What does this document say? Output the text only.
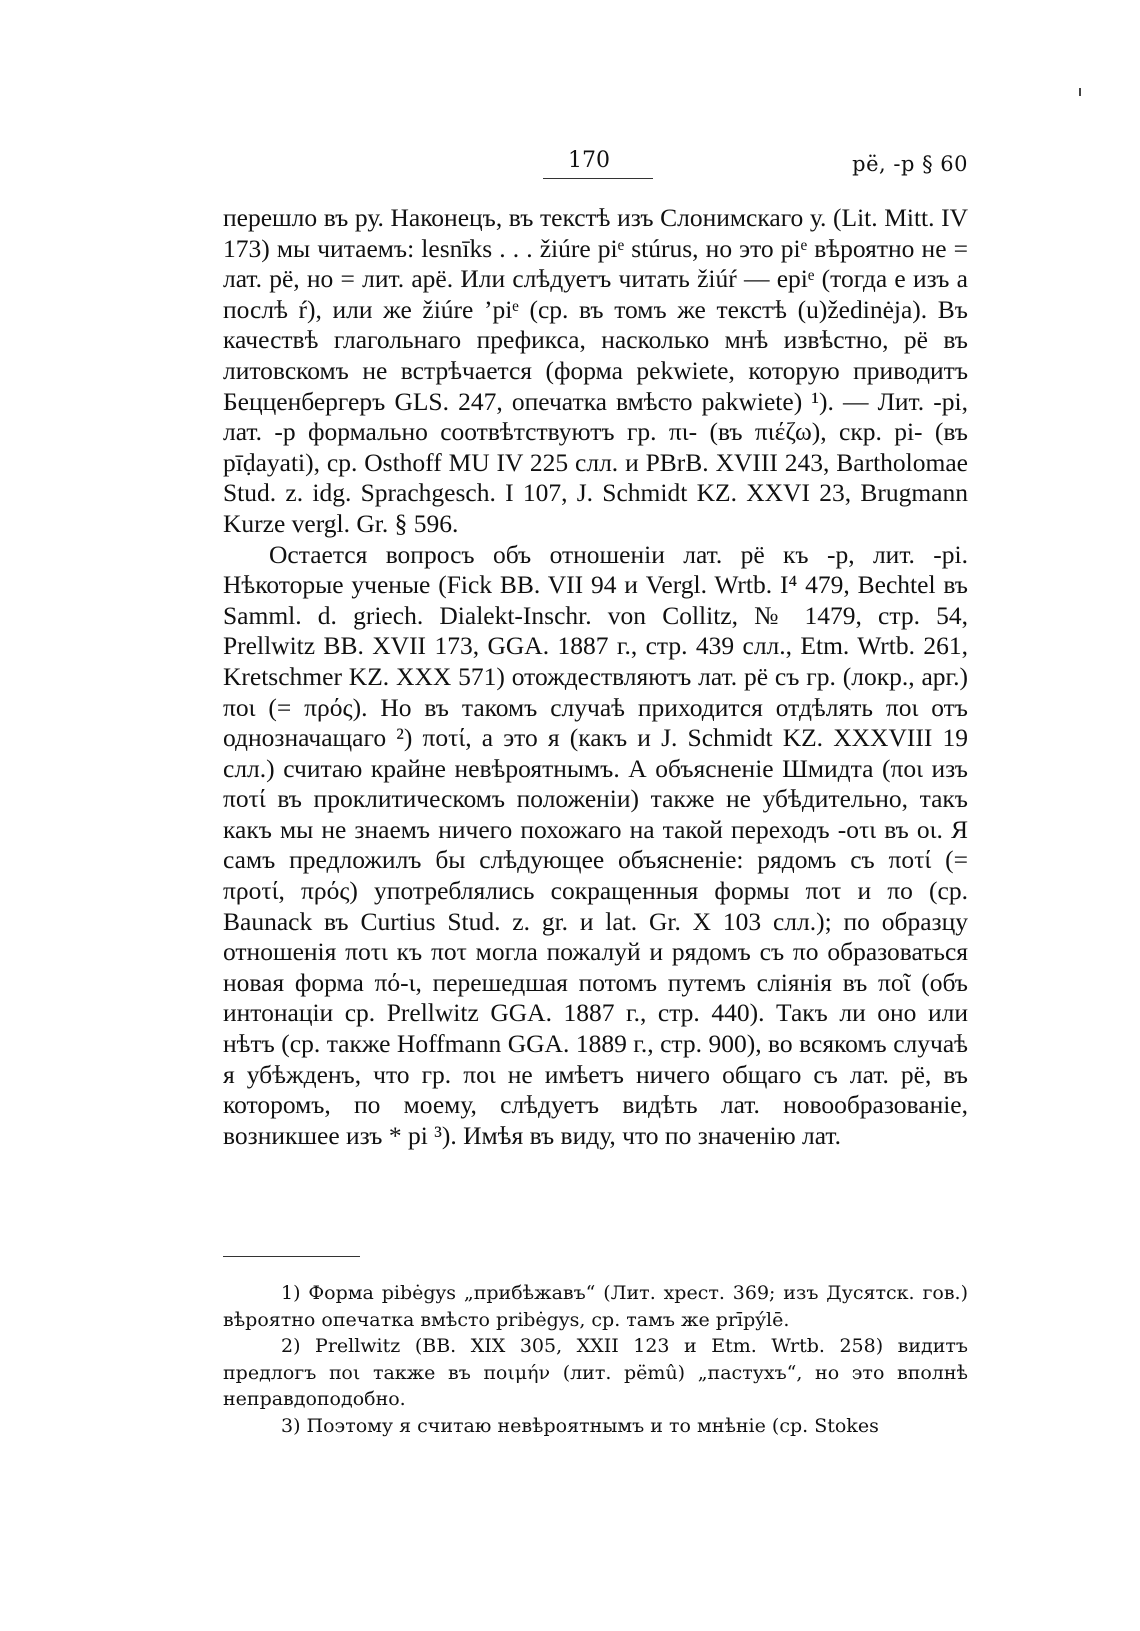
170	pё, -p § 60

перешло въ ру. Наконецъ, въ текстѣ изъ Слонимскаго у. (Lit. Mitt. IV 173) мы читаемъ: lesnīks . . . žiúre piᵉ stúrus, но это piᵉ вѣроятно не = лат. pё, но = лит. apё. Или слѣдуетъ читать žiúŕ — epiᵉ (тогда e изъ a послѣ ŕ), или же žiúre ’piᵉ (ср. въ томъ же текстѣ (u)žedinėja). Въ качествѣ глагольнаго префикса, насколько мнѣ извѣстно, pё въ литовскомъ не встрѣчается (форма pekwiete, которую приводитъ Бецценбергеръ GLS. 247, опечатка вмѣсто pakwiete) ¹). — Лит. -pi, лат. -p формально соотвѣтствуютъ гр. πι- (въ πιέζω), скр. pi- (въ pīḍayati), ср. Osthoff MU IV 225 слл. и PBrB. XVIII 243, Bartholomae Stud. z. idg. Sprachgesch. I 107, J. Schmidt KZ. XXVI 23, Brugmann Kurze vergl. Gr. § 596.

Остается вопросъ объ отношеніи лат. pё къ -p, лит. -pi. Нѣкоторые ученые (Fick BB. VII 94 и Vergl. Wrtb. I⁴ 479, Bechtel въ Samml. d. griech. Dialekt-Inschr. von Collitz, № 1479, стр. 54, Prellwitz BB. XVII 173, GGA. 1887 г., стр. 439 слл., Etm. Wrtb. 261, Kretschmer KZ. XXX 571) отождествляютъ лат. pё съ гр. (локр., арг.) ποι (= πρός). Но въ такомъ случаѣ приходится отдѣлять ποι отъ однозначащаго ²) ποτί, а это я (какъ и J. Schmidt KZ. XXXVIII 19 слл.) считаю крайне невѣроятнымъ. А объясненіе Шмидта (ποι изъ ποτί въ проклитическомъ положеніи) также не убѣдительно, такъ какъ мы не знаемъ ничего похожаго на такой переходъ -οτι въ οι. Я самъ предложилъ бы слѣдующее объясненіе: рядомъ съ ποτί (= προτί, πρός) употреблялись сокращенныя формы ποτ и πο (ср. Baunack въ Curtius Stud. z. gr. и lat. Gr. X 103 слл.); по образцу отношенія ποτι къ ποτ могла пожалуй и рядомъ съ πο образоваться новая форма πό-ι, перешедшая потомъ путемъ сліянія въ ποῖ (объ интонаціи ср. Prellwitz GGA. 1887 г., стр. 440). Такъ ли оно или нѣтъ (ср. также Hoffmann GGA. 1889 г., стр. 900), во всякомъ случаѣ я убѣжденъ, что гр. ποι не имѣетъ ничего общаго съ лат. pё, въ которомъ, по моему, слѣдуетъ видѣть лат. новообразованіе, возникшее изъ * pi ³). Имѣя въ виду, что по значенію лат.

1) Форма pibėgys „прибѣжавъ“ (Лит. хрест. 369; изъ Дусятск. гов.) вѣроятно опечатка вмѣсто pribėgys, ср. тамъ же prīpýlē.

2) Prellwitz (BB. XIX 305, XXII 123 и Etm. Wrtb. 258) видитъ предлогъ ποι также въ ποιμήν (лит. pёmû) „пастухъ“, но это вполнѣ неправдоподобно.

3) Поэтому я считаю невѣроятнымъ и то мнѣніе (ср. Stokes
